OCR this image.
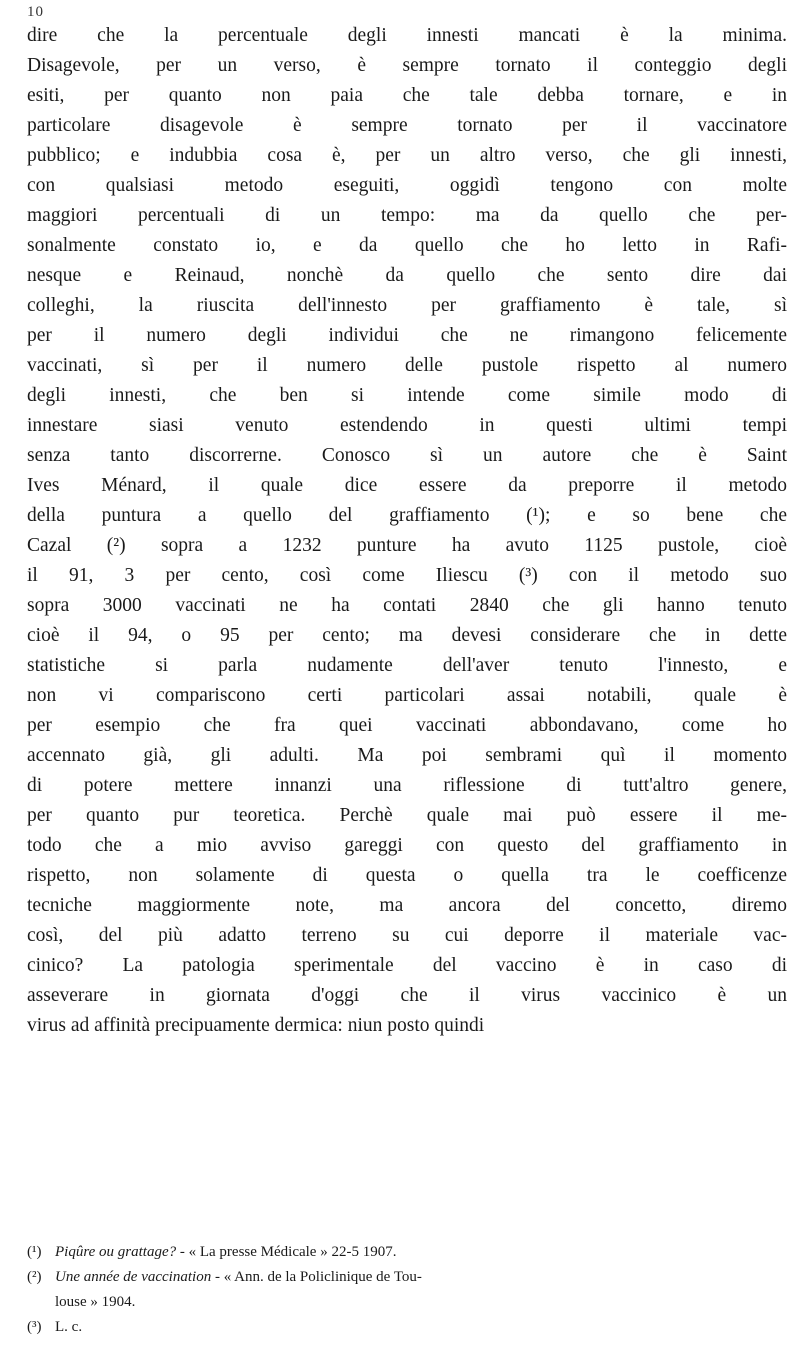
10
dire che la percentuale degli innesti mancati è la minima.
Disagevole, per un verso, è sempre tornato il conteggio degli
esiti, per quanto non paia che tale debba tornare, e in
particolare disagevole è sempre tornato per il vaccinatore
pubblico; e indubbia cosa è, per un altro verso, che gli innesti,
con qualsiasi metodo eseguiti, oggidì tengono con molte
maggiori percentuali di un tempo: ma da quello che per-
sonalmente constato io, e da quello che ho letto in Rafi-
nesque e Reinaud, nonchè da quello che sento dire dai
colleghi, la riuscita dell'innesto per graffiamento è tale, sì
per il numero degli individui che ne rimangono felicemente
vaccinati, sì per il numero delle pustole rispetto al numero
degli innesti, che ben si intende come simile modo di
innestare siasi venuto estendendo in questi ultimi tempi
senza tanto discorrerne. Conosco sì un autore che è Saint
Ives Ménard, il quale dice essere da preporre il metodo
della puntura a quello del graffiamento (¹); e so bene che
Cazal (²) sopra a 1232 punture ha avuto 1125 pustole, cioè
il 91, 3 per cento, così come Iliescu (³) con il metodo suo
sopra 3000 vaccinati ne ha contati 2840 che gli hanno tenuto
cioè il 94, o 95 per cento; ma devesi considerare che in dette
statistiche si parla nudamente dell'aver tenuto l'innesto, e
non vi compariscono certi particolari assai notabili, quale è
per esempio che fra quei vaccinati abbondavano, come ho
accennato già, gli adulti. Ma poi sembrami quì il momento
di potere mettere innanzi una riflessione di tutt'altro genere,
per quanto pur teoretica. Perchè quale mai può essere il me-
todo che a mio avviso gareggi con questo del graffiamento in
rispetto, non solamente di questa o quella tra le coefficenze
tecniche maggiormente note, ma ancora del concetto, diremo
così, del più adatto terreno su cui deporre il materiale vac-
cinico? La patologia sperimentale del vaccino è in caso di
asseverare in giornata d'oggi che il virus vaccinico è un
virus ad affinità precipuamente dermica: niun posto quindi
(¹) Piqûre ou grattage? - « La presse Médicale » 22-5 1907.
(²) Une année de vaccination - « Ann. de la Policlinique de Tou-
louse » 1904.
(³) L. c.
